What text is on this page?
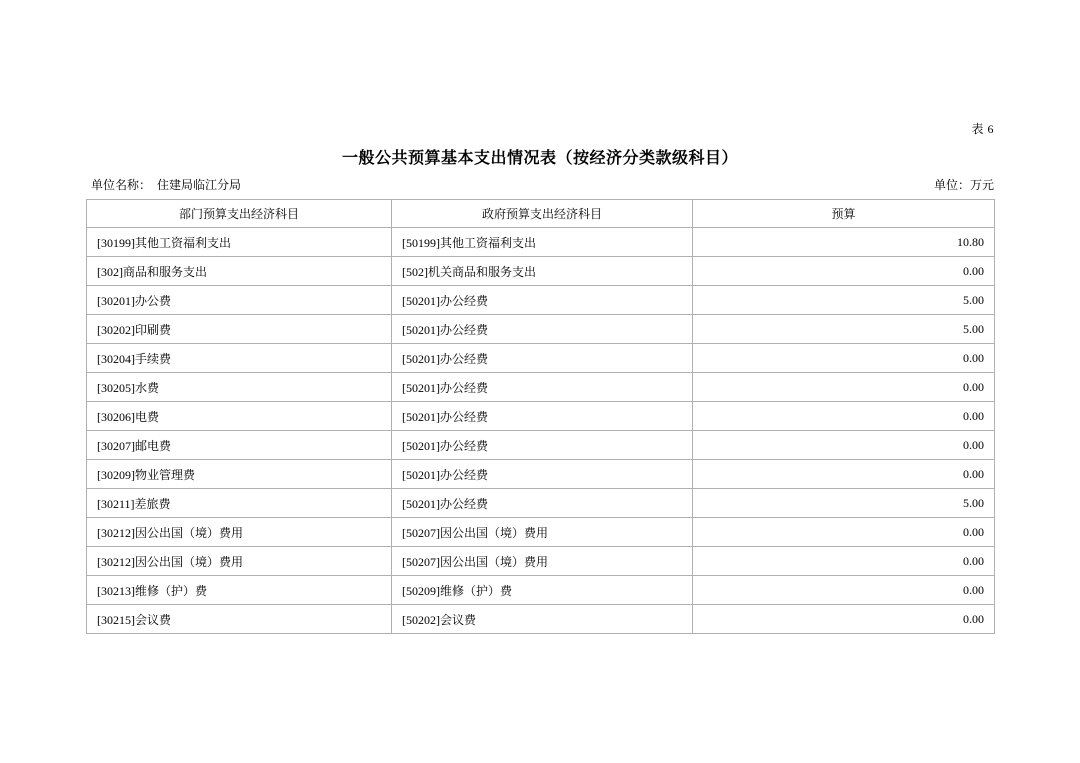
表 6
一般公共预算基本支出情况表（按经济分类款级科目）
单位名称：  住建局临江分局	单位：万元
部门预算支出经济科目	政府预算支出经济科目	预算
[30199]其他工资福利支出	[50199]其他工资福利支出	10.80
[302]商品和服务支出	[502]机关商品和服务支出	0.00
[30201]办公费	[50201]办公经费	5.00
[30202]印刷费	[50201]办公经费	5.00
[30204]手续费	[50201]办公经费	0.00
[30205]水费	[50201]办公经费	0.00
[30206]电费	[50201]办公经费	0.00
[30207]邮电费	[50201]办公经费	0.00
[30209]物业管理费	[50201]办公经费	0.00
[30211]差旅费	[50201]办公经费	5.00
[30212]因公出国（境）费用	[50207]因公出国（境）费用	0.00
[30212]因公出国（境）费用	[50207]因公出国（境）费用	0.00
[30213]维修（护）费	[50209]维修（护）费	0.00
[30215]会议费	[50202]会议费	0.00
